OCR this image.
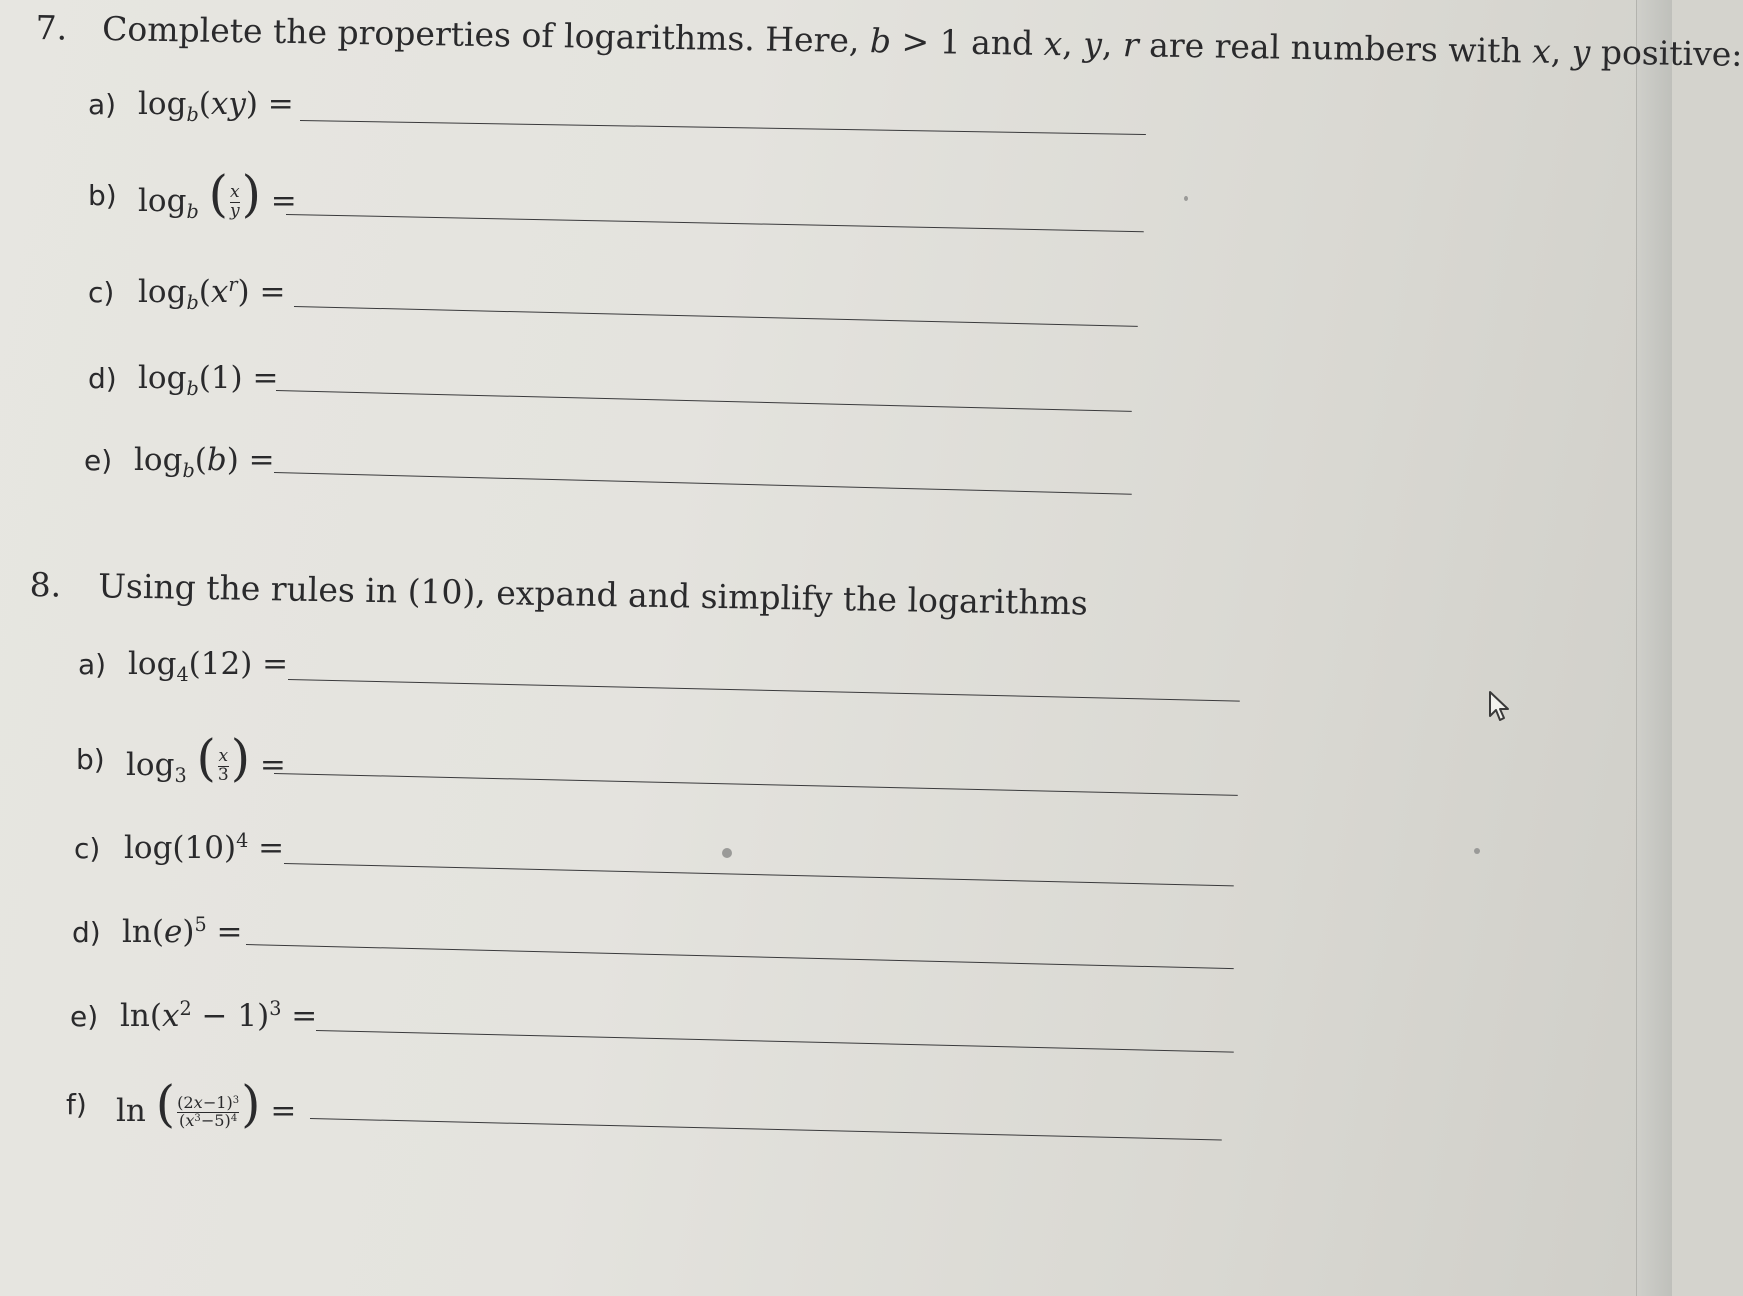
7. Complete the properties of logarithms. Here, b > 1 and x, y, r are real numbers with x, y positive:
a) $\log_b(xy)$ =
b) $\log_b$ ( $\frac{x}{y}$ ) =
c) $\log_b(x^r)$ =
d) $\log_b(1)$ =
e) $\log_b(b)$ =
8. Using the rules in (10), expand and simplify the logarithms
a) $\log_4(12)$ =
b) $\log_3$ ( $\frac{x}{3}$ ) =
c) $\log(10)^4$ =
d) $\ln(e)^5$ =
e) $\ln(x^2 - 1)^3$ =
f) ln ( $\frac{(2x-1)^3}{(x^3-5)^4}$ ) =
